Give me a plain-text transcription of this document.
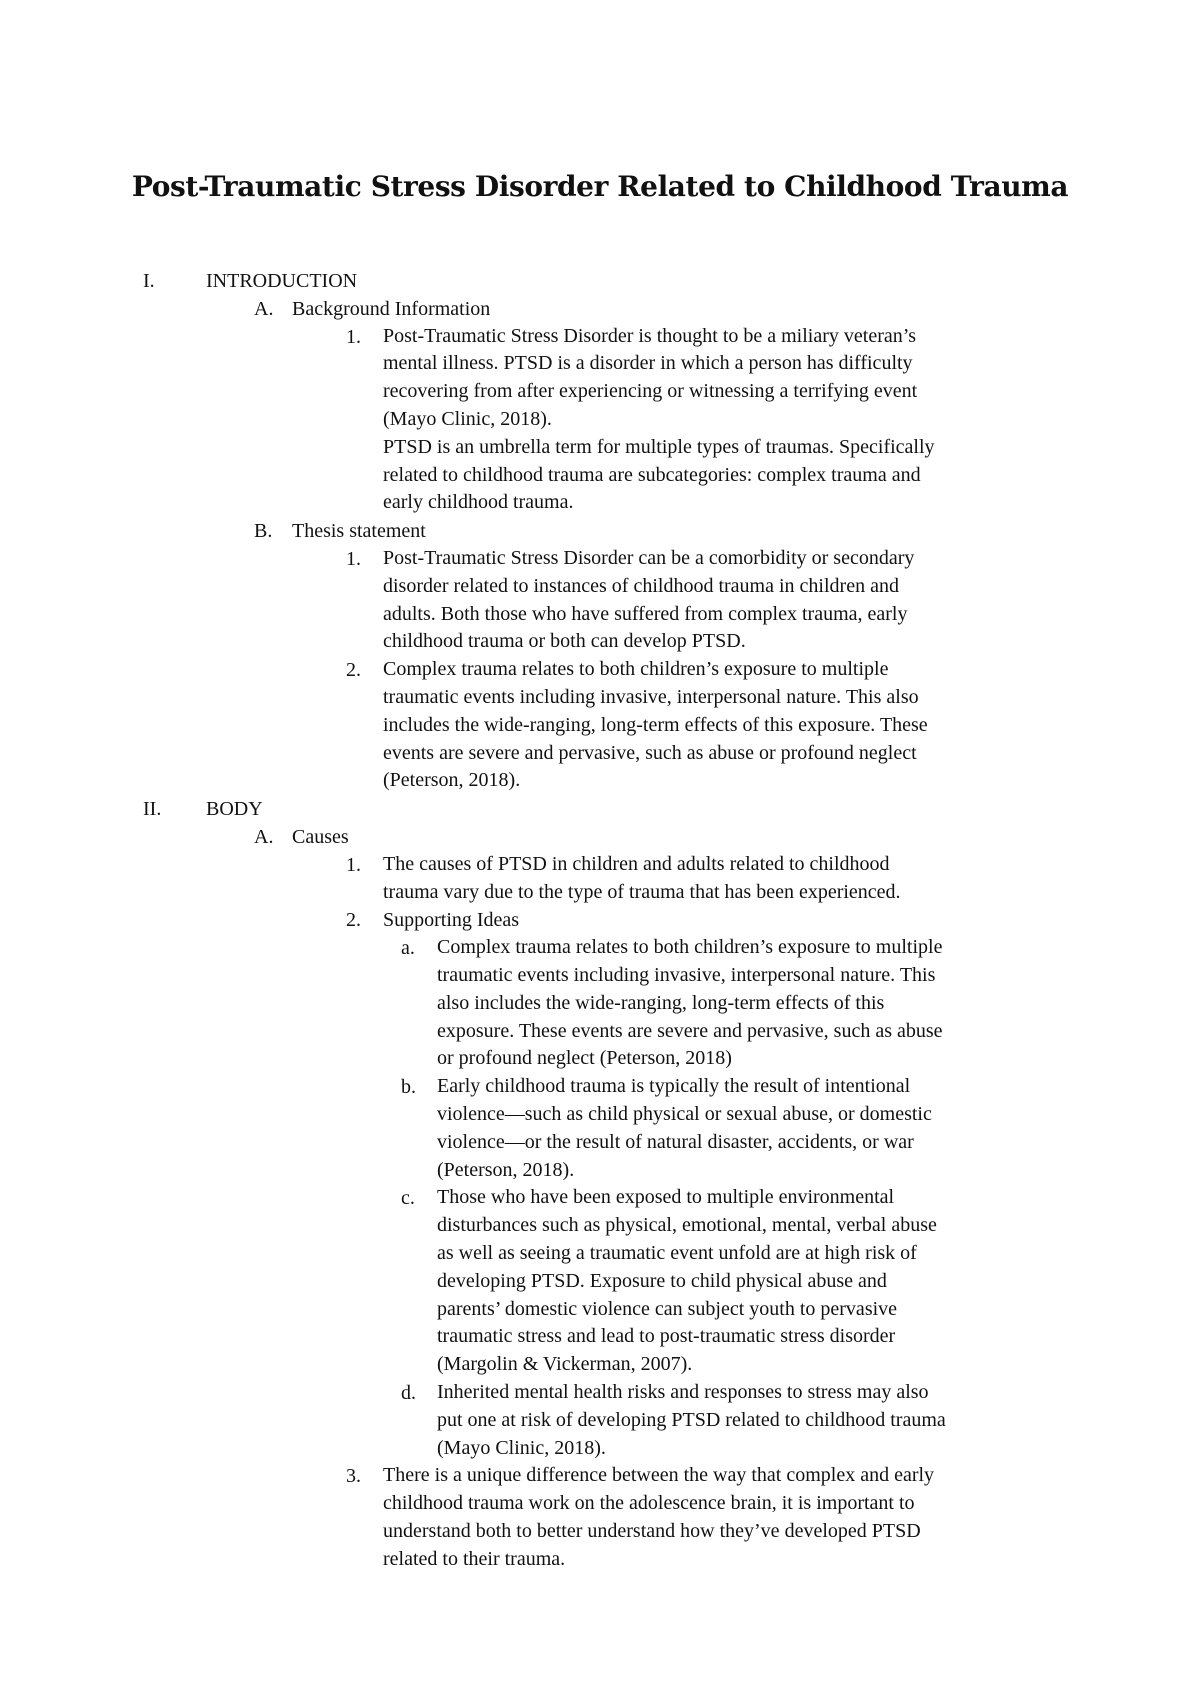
Post-Traumatic Stress Disorder Related to Childhood Trauma
I.	INTRODUCTION
A. Background Information
1. Post-Traumatic Stress Disorder is thought to be a miliary veteran’s
mental illness. PTSD is a disorder in which a person has difficulty
recovering from after experiencing or witnessing a terrifying event
(Mayo Clinic, 2018).
PTSD is an umbrella term for multiple types of traumas. Specifically
related to childhood trauma are subcategories: complex trauma and
early childhood trauma.
B. Thesis statement
1. Post-Traumatic Stress Disorder can be a comorbidity or secondary
disorder related to instances of childhood trauma in children and
adults. Both those who have suffered from complex trauma, early
childhood trauma or both can develop PTSD.
2. Complex trauma relates to both children’s exposure to multiple
traumatic events including invasive, interpersonal nature. This also
includes the wide-ranging, long-term effects of this exposure. These
events are severe and pervasive, such as abuse or profound neglect
(Peterson, 2018).
II. BODY
A. Causes
1. The causes of PTSD in children and adults related to childhood
trauma vary due to the type of trauma that has been experienced.
2. Supporting Ideas
a. Complex trauma relates to both children’s exposure to multiple
traumatic events including invasive, interpersonal nature. This
also includes the wide-ranging, long-term effects of this
exposure. These events are severe and pervasive, such as abuse
or profound neglect (Peterson, 2018)
b. Early childhood trauma is typically the result of intentional
violence—such as child physical or sexual abuse, or domestic
violence—or the result of natural disaster, accidents, or war
(Peterson, 2018).
c. Those who have been exposed to multiple environmental
disturbances such as physical, emotional, mental, verbal abuse
as well as seeing a traumatic event unfold are at high risk of
developing PTSD. Exposure to child physical abuse and
parents’ domestic violence can subject youth to pervasive
traumatic stress and lead to post-traumatic stress disorder
(Margolin & Vickerman, 2007).
d. Inherited mental health risks and responses to stress may also
put one at risk of developing PTSD related to childhood trauma
(Mayo Clinic, 2018).
3. There is a unique difference between the way that complex and early
childhood trauma work on the adolescence brain, it is important to
understand both to better understand how they’ve developed PTSD
related to their trauma.
